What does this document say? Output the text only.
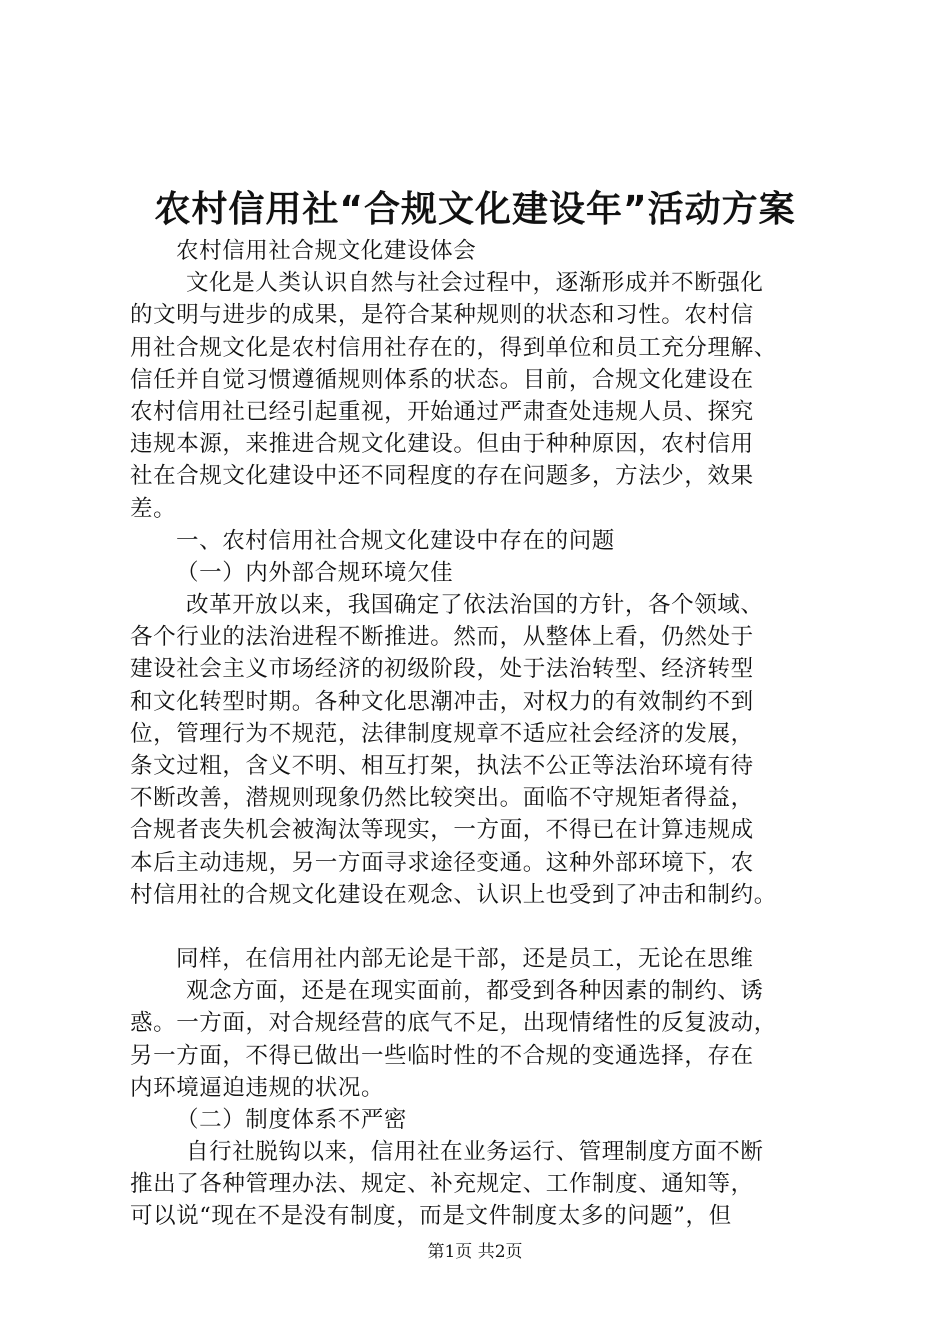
农村信用社“合规文化建设年”活动方案
农村信用社合规文化建设体会
文化是人类认识自然与社会过程中，逐渐形成并不断强化
的文明与进步的成果，是符合某种规则的状态和习性。农村信
用社合规文化是农村信用社存在的，得到单位和员工充分理解、
信任并自觉习惯遵循规则体系的状态。目前，合规文化建设在
农村信用社已经引起重视，开始通过严肃查处违规人员、探究
违规本源，来推进合规文化建设。但由于种种原因，农村信用
社在合规文化建设中还不同程度的存在问题多，方法少，效果
差。
一、农村信用社合规文化建设中存在的问题
（一）内外部合规环境欠佳
改革开放以来，我国确定了依法治国的方针，各个领域、
各个行业的法治进程不断推进。然而，从整体上看，仍然处于
建设社会主义市场经济的初级阶段，处于法治转型、经济转型
和文化转型时期。各种文化思潮冲击，对权力的有效制约不到
位，管理行为不规范，法律制度规章不适应社会经济的发展，
条文过粗，含义不明、相互打架，执法不公正等法治环境有待
不断改善，潜规则现象仍然比较突出。面临不守规矩者得益，
合规者丧失机会被淘汰等现实，一方面，不得已在计算违规成
本后主动违规，另一方面寻求途径变通。这种外部环境下，农
村信用社的合规文化建设在观念、认识上也受到了冲击和制约。
同样，在信用社内部无论是干部，还是员工，无论在思维
观念方面，还是在现实面前，都受到各种因素的制约、诱
惑。一方面，对合规经营的底气不足，出现情绪性的反复波动，
另一方面，不得已做出一些临时性的不合规的变通选择，存在
内环境逼迫违规的状况。
（二）制度体系不严密
自行社脱钩以来，信用社在业务运行、管理制度方面不断
推出了各种管理办法、规定、补充规定、工作制度、通知等，
可以说“现在不是没有制度，而是文件制度太多的问题”，但
第1页 共2页
